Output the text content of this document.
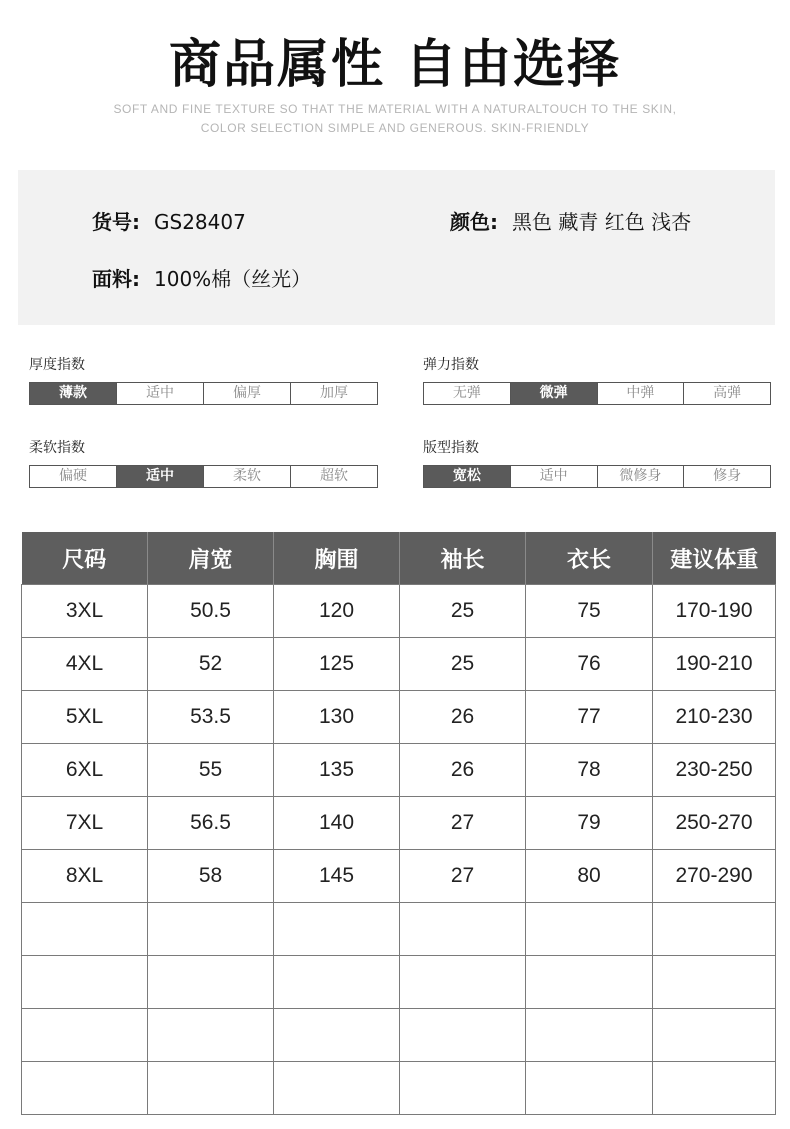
商品属性 自由选择
SOFT AND FINE TEXTURE SO THAT THE MATERIAL WITH A NATURALTOUCH TO THE SKIN,
COLOR SELECTION SIMPLE AND GENEROUS. SKIN-FRIENDLY
货号: GS28407	颜色: 黑色 藏青 红色 浅杏
面料: 100%棉（丝光）
厚度指数
薄款	适中	偏厚	加厚
弹力指数
无弹	微弹	中弹	高弹
柔软指数
偏硬	适中	柔软	超软
版型指数
宽松	适中	微修身	修身
尺码	肩宽	胸围	袖长	衣长	建议体重
3XL	50.5	120	25	75	170-190
4XL	52	125	25	76	190-210
5XL	53.5	130	26	77	210-230
6XL	55	135	26	78	230-250
7XL	56.5	140	27	79	250-270
8XL	58	145	27	80	270-290
